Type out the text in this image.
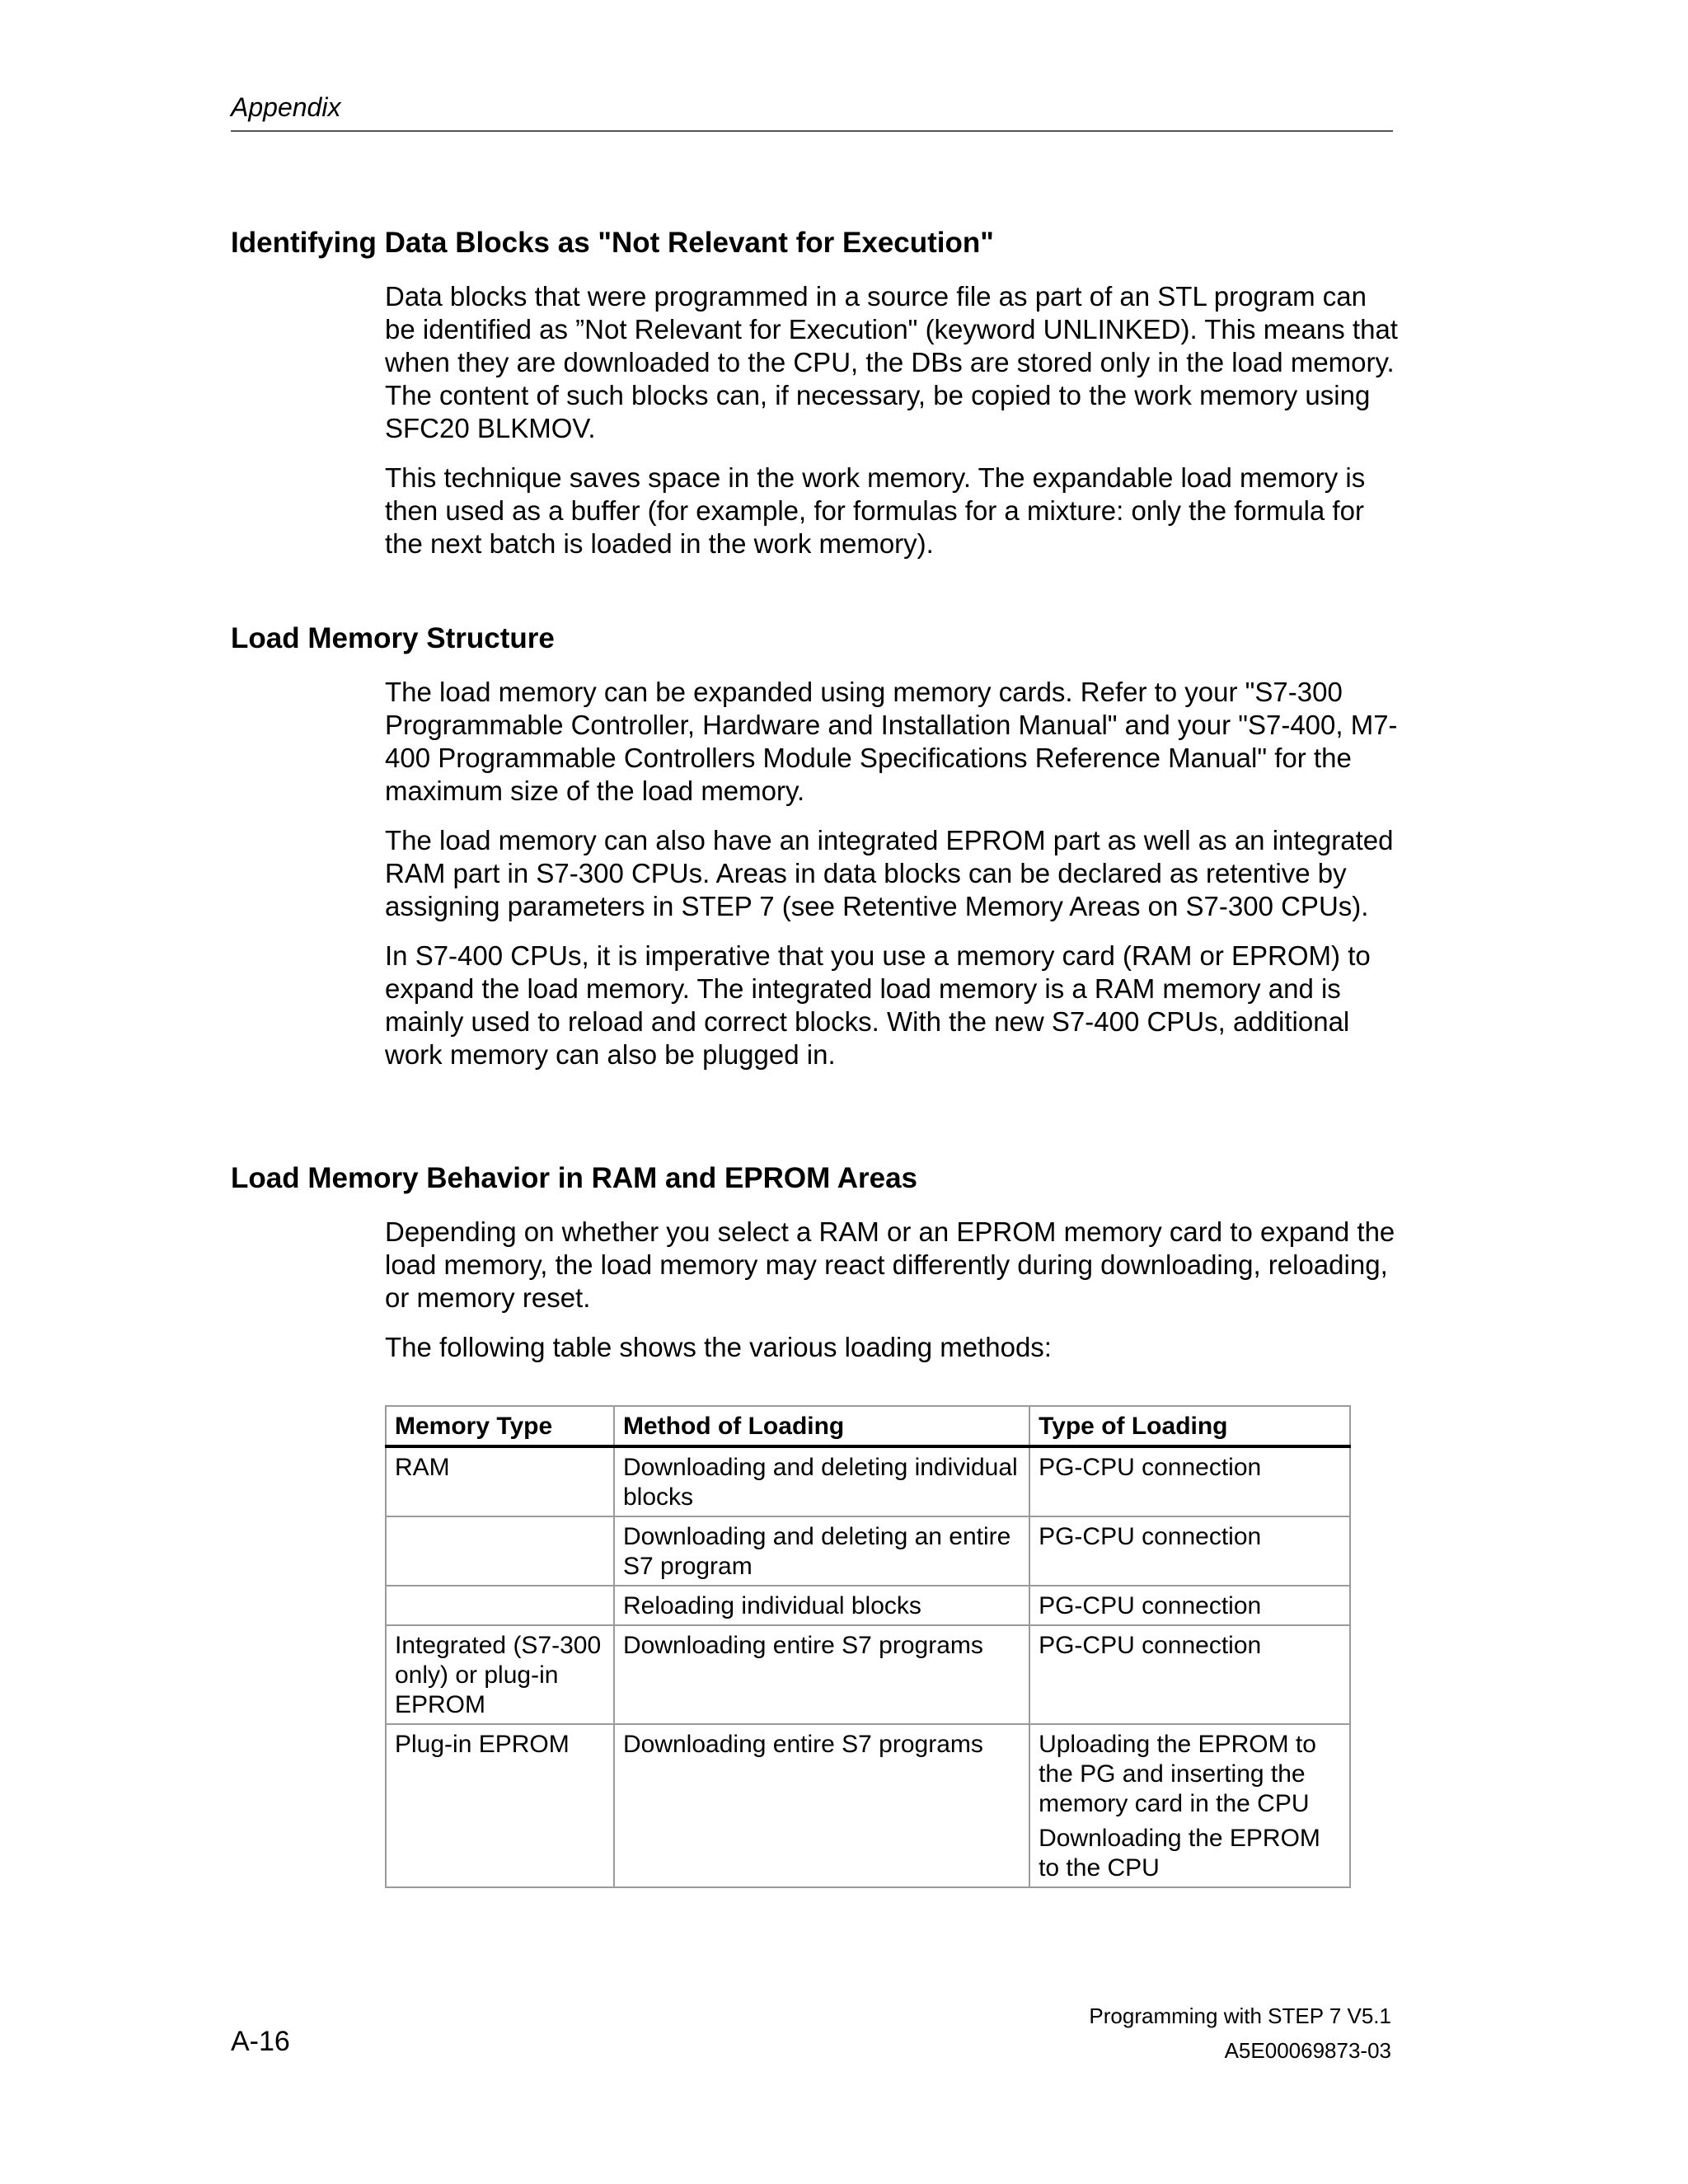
Appendix
Identifying Data Blocks as "Not Relevant for Execution"

Data blocks that were programmed in a source file as part of an STL program can be identified as ”Not Relevant for Execution" (keyword UNLINKED). This means that when they are downloaded to the CPU, the DBs are stored only in the load memory. The content of such blocks can, if necessary, be copied to the work memory using SFC20 BLKMOV.

This technique saves space in the work memory. The expandable load memory is then used as a buffer (for example, for formulas for a mixture: only the formula for the next batch is loaded in the work memory).

Load Memory Structure

The load memory can be expanded using memory cards. Refer to your "S7-300 Programmable Controller, Hardware and Installation Manual" and your "S7-400, M7-400 Programmable Controllers Module Specifications Reference Manual" for the maximum size of the load memory.

The load memory can also have an integrated EPROM part as well as an integrated RAM part in S7-300 CPUs. Areas in data blocks can be declared as retentive by assigning parameters in STEP 7 (see Retentive Memory Areas on S7-300 CPUs).

In S7-400 CPUs, it is imperative that you use a memory card (RAM or EPROM) to expand the load memory. The integrated load memory is a RAM memory and is mainly used to reload and correct blocks. With the new S7-400 CPUs, additional work memory can also be plugged in.

Load Memory Behavior in RAM and EPROM Areas

Depending on whether you select a RAM or an EPROM memory card to expand the load memory, the load memory may react differently during downloading, reloading, or memory reset.

The following table shows the various loading methods:

Memory Type	Method of Loading	Type of Loading
RAM	Downloading and deleting individual blocks	PG-CPU connection
	Downloading and deleting an entire S7 program	PG-CPU connection
	Reloading individual blocks	PG-CPU connection
Integrated (S7-300 only) or plug-in EPROM	Downloading entire S7 programs	PG-CPU connection
Plug-in EPROM	Downloading entire S7 programs	Uploading the EPROM to the PG and inserting the memory card in the CPU
Downloading the EPROM to the CPU
A-16
Programming with STEP 7 V5.1
A5E00069873-03
